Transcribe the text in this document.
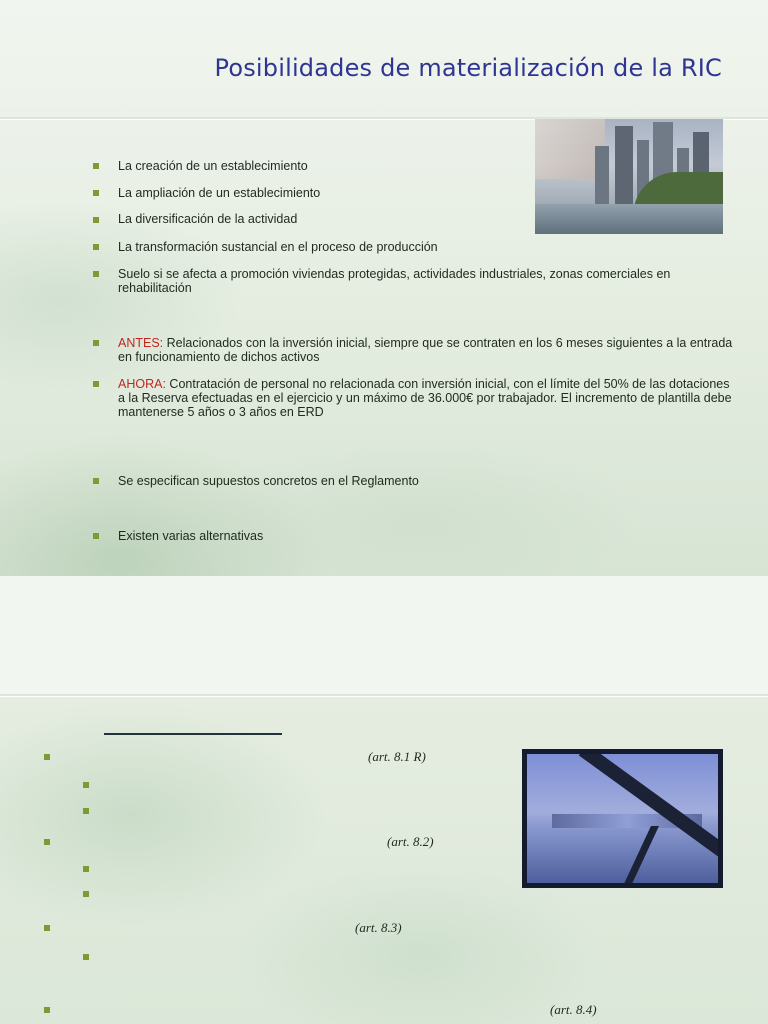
Posibilidades de materialización de la RIC

La creación de un establecimiento

La ampliación de un establecimiento

La diversificación de la actividad

La transformación sustancial en el proceso de producción

Suelo si se afecta a promoción viviendas protegidas, actividades industriales, zonas comerciales en rehabilitación

ANTES: Relacionados con la inversión inicial, siempre que se contraten en los 6 meses siguientes a la entrada en funcionamiento de dichos activos

AHORA: Contratación de personal no relacionada con inversión inicial, con el límite del 50% de las dotaciones a la Reserva efectuadas en el ejercicio y un máximo de 36.000€ por trabajador. El incremento de plantilla debe mantenerse 5 años o 3 años en ERD

Se especifican supuestos concretos en el Reglamento

Existen varias alternativas

(art. 8.1 R)
(art. 8.2)
(art. 8.3)
(art. 8.4)
